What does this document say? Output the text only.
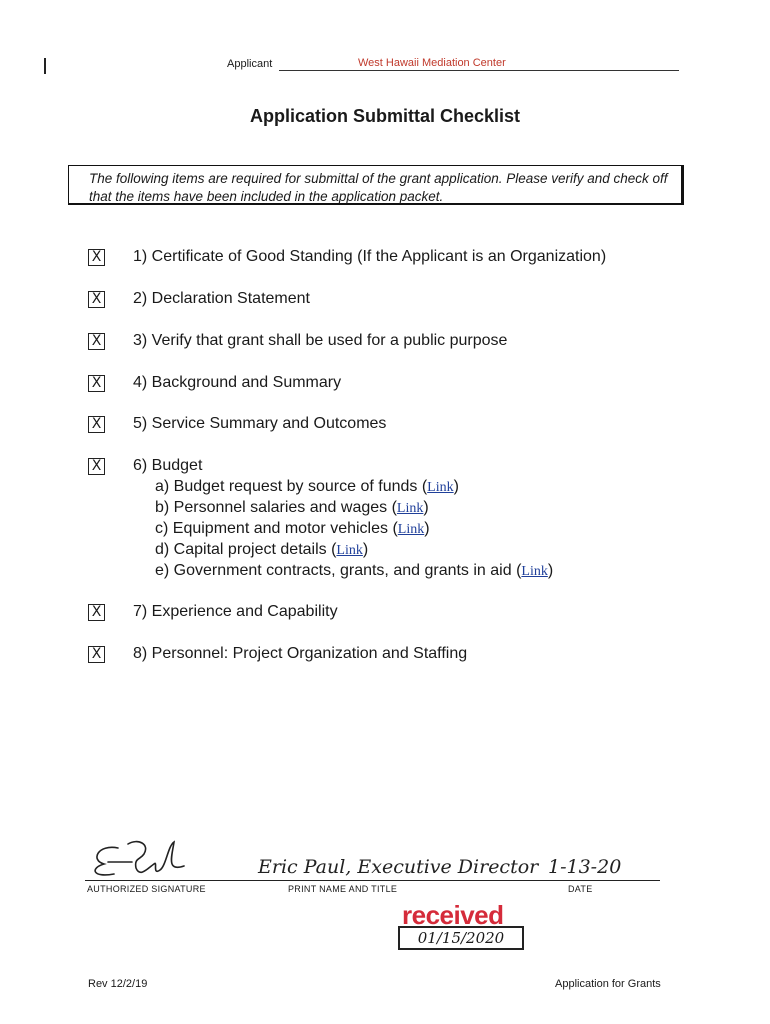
Applicant	West Hawaii Mediation Center
Application Submittal Checklist
The following items are required for submittal of the grant application. Please verify and check off that the items have been included in the application packet.
X 1) Certificate of Good Standing (If the Applicant is an Organization)
X 2) Declaration Statement
X 3) Verify that grant shall be used for a public purpose
X 4) Background and Summary
X 5) Service Summary and Outcomes
X 6) Budget
a) Budget request by source of funds (Link)
b) Personnel salaries and wages (Link)
c) Equipment and motor vehicles (Link)
d) Capital project details (Link)
e) Government contracts, grants, and grants in aid (Link)
X 7) Experience and Capability
X 8) Personnel: Project Organization and Staffing
Eric Paul, Executive Director 1-13-20
AUTHORIZED SIGNATURE	PRINT NAME AND TITLE	DATE
received
01/15/2020
Rev 12/2/19	Application for Grants
